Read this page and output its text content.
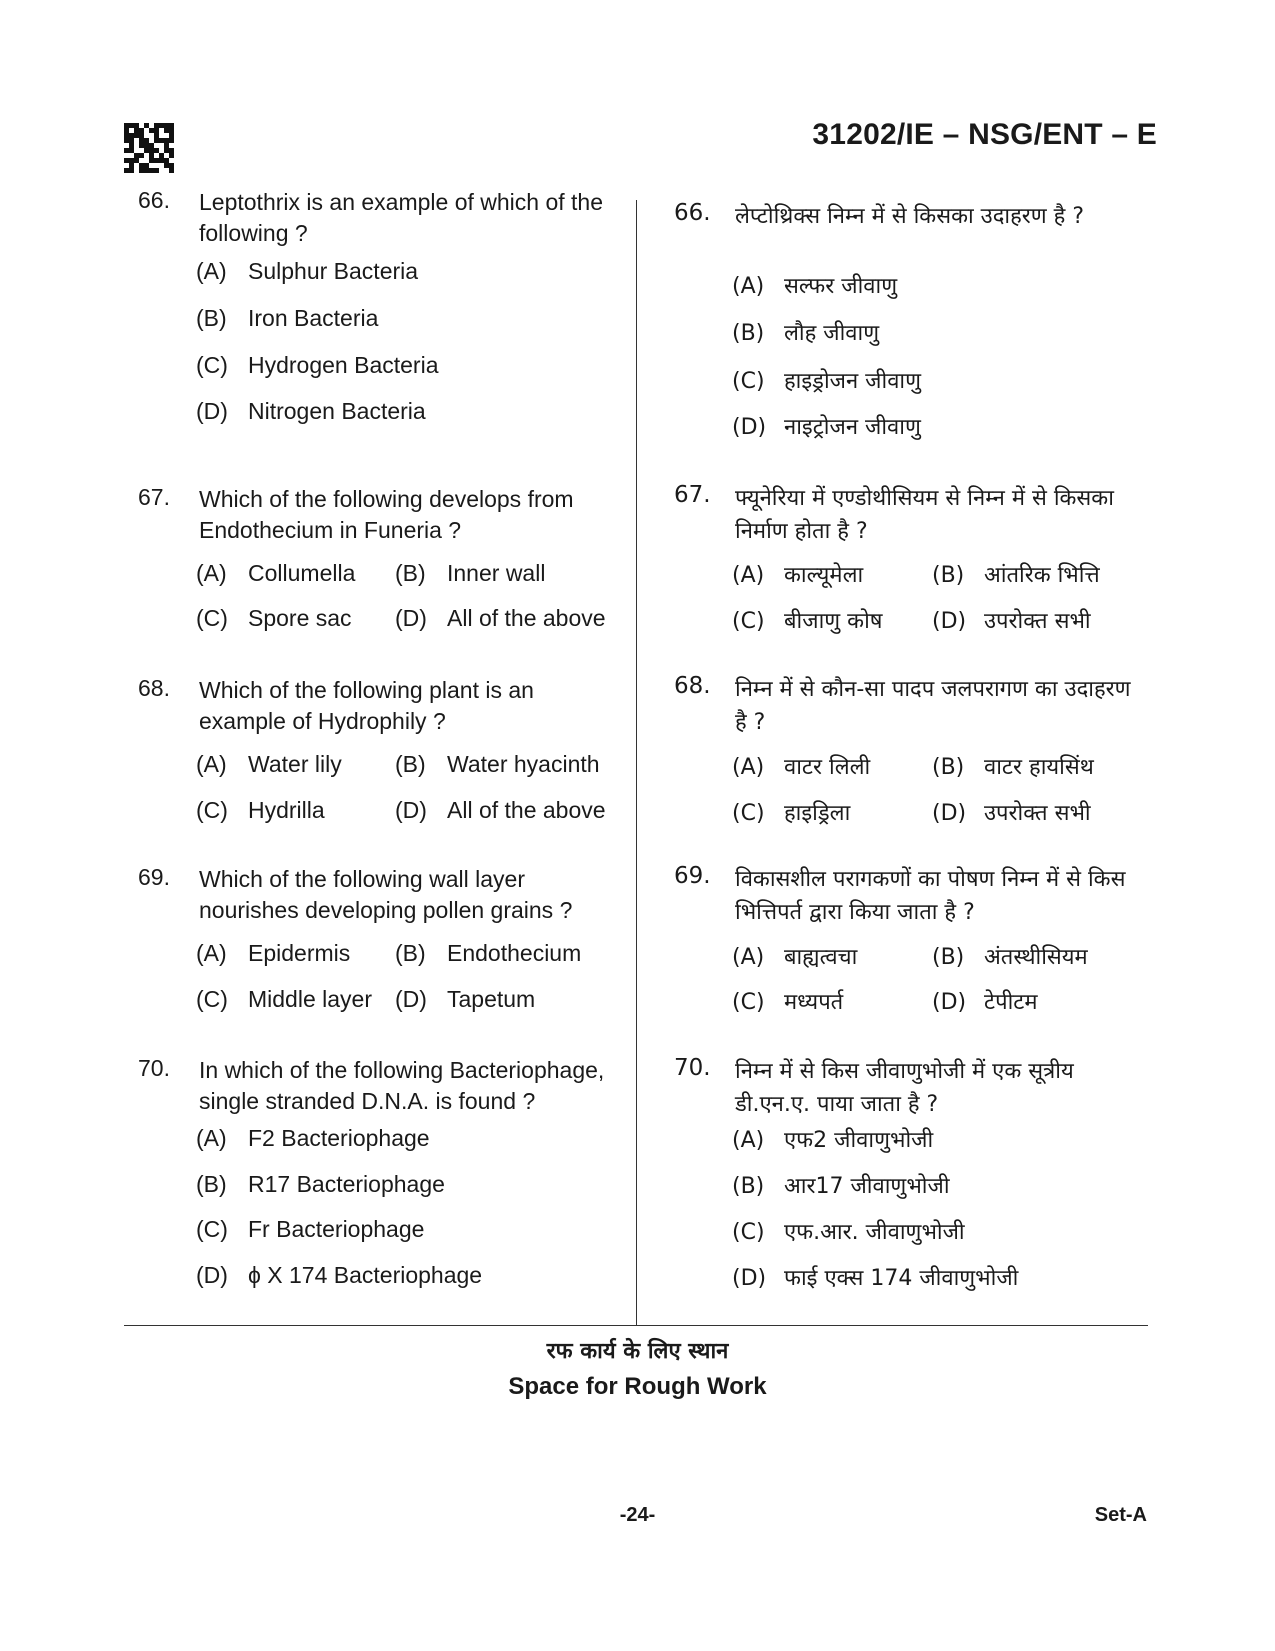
31202/IE – NSG/ENT – E
66. Leptothrix is an example of which of the following ?
(A) Sulphur Bacteria
(B) Iron Bacteria
(C) Hydrogen Bacteria
(D) Nitrogen Bacteria
67. Which of the following develops from Endothecium in Funeria ?
(A) Collumella (B) Inner wall
(C) Spore sac (D) All of the above
68. Which of the following plant is an example of Hydrophily ?
(A) Water lily (B) Water hyacinth
(C) Hydrilla	(D) All of the above
69. Which of the following wall layer nourishes developing pollen grains ?
(A) Epidermis (B) Endothecium
(C) Middle layer (D) Tapetum
70. In which of the following Bacteriophage, single stranded D.N.A. is found ?
(A) F2 Bacteriophage
(B) R17 Bacteriophage
(C) Fr Bacteriophage
(D) ϕ X 174 Bacteriophage
66. लेप्टोथ्रिक्स निम्न में से किसका उदाहरण है ?
(A) सल्फर जीवाणु
(B) लौह जीवाणु
(C) हाइड्रोजन जीवाणु
(D) नाइट्रोजन जीवाणु
67. फ्यूनेरिया में एण्डोथीसियम से निम्न में से किसका निर्माण होता है ?
(A) काल्यूमेला	(B) आंतरिक भित्ति
(C) बीजाणु कोष (D) उपरोक्त सभी
68. निम्न में से कौन-सा पादप जलपरागण का उदाहरण है ?
(A) वाटर लिली	(B) वाटर हायसिंथ
(C) हाइड्रिला	(D) उपरोक्त सभी
69. विकासशील परागकणों का पोषण निम्न में से किस भित्तिपर्त द्वारा किया जाता है ?
(A) बाह्यत्वचा	(B) अंतस्थीसियम
(C) मध्यपर्त	(D) टेपीटम
70. निम्न में से किस जीवाणुभोजी में एक सूत्रीय डी.एन.ए. पाया जाता है ?
(A) एफ2 जीवाणुभोजी
(B) आर17 जीवाणुभोजी
(C) एफ.आर. जीवाणुभोजी
(D) फाई एक्स 174 जीवाणुभोजी
रफ कार्य के लिए स्थान
Space for Rough Work
-24-	Set-A
